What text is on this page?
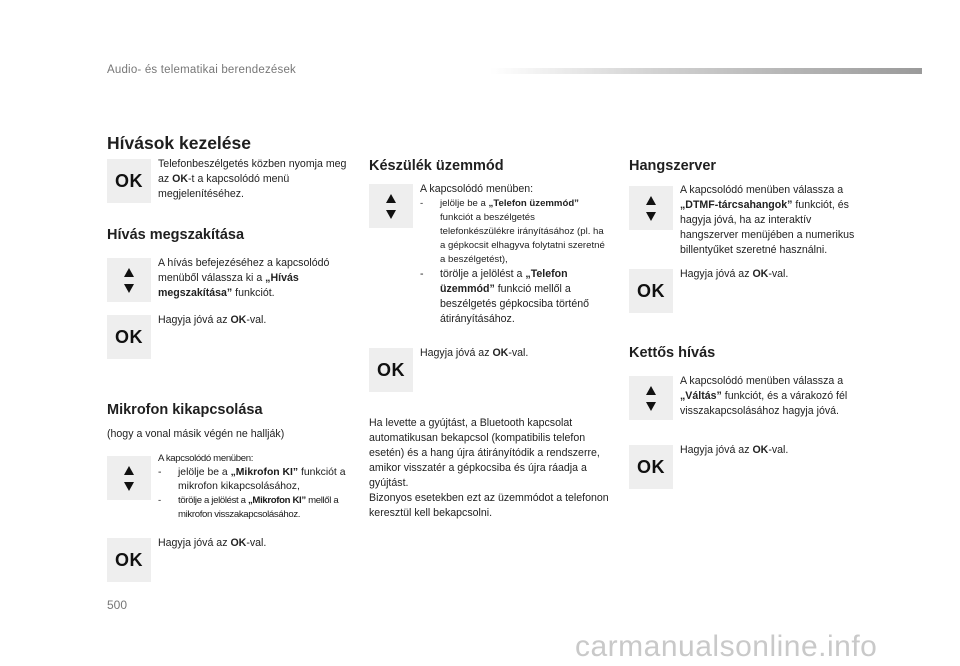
Audio- és telematikai berendezések
Hívások kezelése
OK
Telefonbeszélgetés közben nyomja meg az OK-t a kapcsolódó menü megjelenítéséhez.
Hívás megszakítása
A hívás befejezéséhez a kapcsolódó menüből válassza ki a „Hívás megszakítása” funkciót.
OK
Hagyja jóvá az OK-val.
Mikrofon kikapcsolása
(hogy a vonal másik végén ne hallják)
A kapcsolódó menüben:
- jelölje be a „Mikrofon KI” funkciót a mikrofon kikapcsolásához,
- törölje a jelölést a „Mikrofon KI” mellől a mikrofon visszakapcsolásához.
OK
Hagyja jóvá az OK-val.
Készülék üzemmód
A kapcsolódó menüben:
- jelölje be a „Telefon üzemmód” funkciót a beszélgetés telefonkészülékre irányításához (pl. ha a gépkocsit elhagyva folytatni szeretné a beszélgetést),
- törölje a jelölést a „Telefon üzemmód” funkció mellől a beszélgetés gépkocsiba történő átirányításához.
OK
Hagyja jóvá az OK-val.
Ha levette a gyújtást, a Bluetooth kapcsolat automatikusan bekapcsol (kompatibilis telefon esetén) és a hang újra átirányítódik a rendszerre, amikor visszatér a gépkocsiba és újra ráadja a gyújtást.
Bizonyos esetekben ezt az üzemmódot a telefonon keresztül kell bekapcsolni.
Hangszerver
A kapcsolódó menüben válassza a „DTMF-tárcsahangok” funkciót, és hagyja jóvá, ha az interaktív hangszerver menüjében a numerikus billentyűket szeretné használni.
OK
Hagyja jóvá az OK-val.
Kettős hívás
A kapcsolódó menüben válassza a „Váltás” funkciót, és a várakozó fél visszakapcsolásához hagyja jóvá.
OK
Hagyja jóvá az OK-val.
500
carmanualsonline.info
